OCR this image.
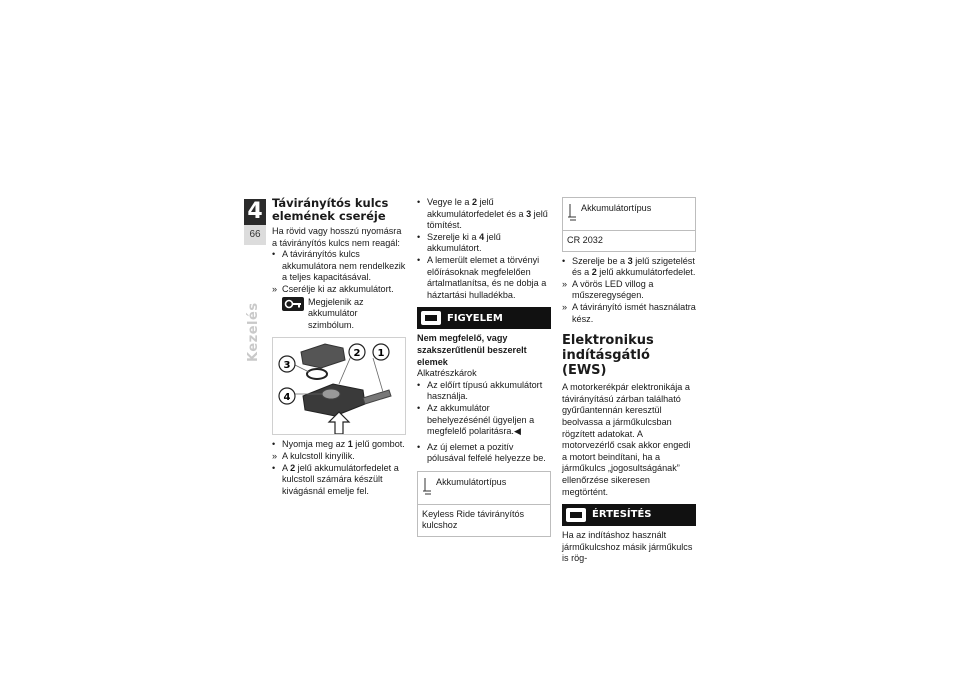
4
66
Kezelés
Távirányítós kulcs elemének cseréje

Ha rövid vagy hosszú nyomásra a távirányítós kulcs nem reagál:

• A távirányítós kulcs akkumulátora nem rendelkezik a teljes kapacitásával.
» Cserélje ki az akkumulátort.
Megjelenik az akkumulátor szimbólum.
3
4
2 1
• Nyomja meg az 1 jelű gombot.
» A kulcstoll kinyílik.
• A 2 jelű akkumulátorfedelet a kulcstoll számára készült kivágásnál emelje fel.
• Vegye le a 2 jelű akkumulátorfedelet és a 3 jelű tömítést.
• Szerelje ki a 4 jelű akkumulátort.
• A lemerült elemet a törvényi előírásoknak megfelelően ártalmatlanítsa, és ne dobja a háztartási hulladékba.
FIGYELEM

Nem megfelelő, vagy szakszerűtlenül beszerelt elemek

Alkatrészkárok

• Az előírt típusú akkumulátort használja.
• Az akkumulátor behelyezésénél ügyeljen a megfelelő polaritásra.◀
• Az új elemet a pozitív pólusával felfelé helyezze be.
Akkumulátortípus
Keyless Ride távirányítós kulcshoz
Akkumulátortípus
CR 2032
• Szerelje be a 3 jelű szigetelést és a 2 jelű akkumulátorfedelet.
» A vörös LED villog a műszeregységen.
» A távirányító ismét használatra kész.
Elektronikus indításgátló (EWS)

A motorkerékpár elektronikája a távirányítású zárban található gyűrűantennán keresztül beolvassa a járműkulcsban rögzített adatokat. A motorvezérlő csak akkor engedi a motort beindítani, ha a járműkulcs „jogosultságának” ellenőrzése sikeresen megtörtént.

ÉRTESÍTÉS

Ha az indításhoz használt járműkulcshoz másik járműkulcs is rög-
